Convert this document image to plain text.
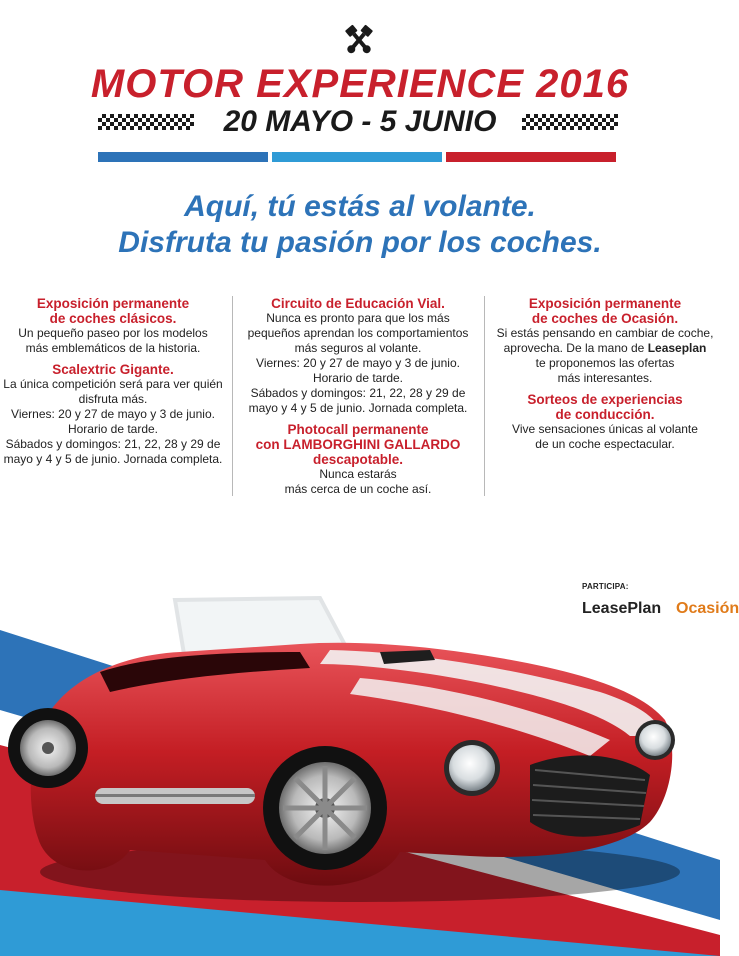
MOTOR EXPERIENCE 2016
20 MAYO - 5 JUNIO
Aquí, tú estás al volante.
Disfruta tu pasión por los coches.
Exposición permanente
de coches clásicos.
Un pequeño paseo por los modelos
más emblemáticos de la historia.
Scalextric Gigante.
La única competición será para ver quién
disfruta más.
Viernes: 20 y 27 de mayo y 3 de junio.
Horario de tarde.
Sábados y domingos: 21, 22, 28 y 29 de
mayo y 4 y 5 de junio. Jornada completa.
Circuito de Educación Vial.
Nunca es pronto para que los más
pequeños aprendan los comportamientos
más seguros al volante.
Viernes: 20 y 27 de mayo y 3 de junio.
Horario de tarde.
Sábados y domingos: 21, 22, 28 y 29 de
mayo y 4 y 5 de junio. Jornada completa.
Photocall permanente
con LAMBORGHINI GALLARDO
descapotable.
Nunca estarás
más cerca de un coche así.
Exposición permanente
de coches de Ocasión.
Si estás pensando en cambiar de coche,
aprovecha. De la mano de Leaseplan
te proponemos las ofertas
más interesantes.
Sorteos de experiencias
de conducción.
Vive sensaciones únicas al volante
de un coche espectacular.
PARTICIPA:
LeasePlan Ocasión
